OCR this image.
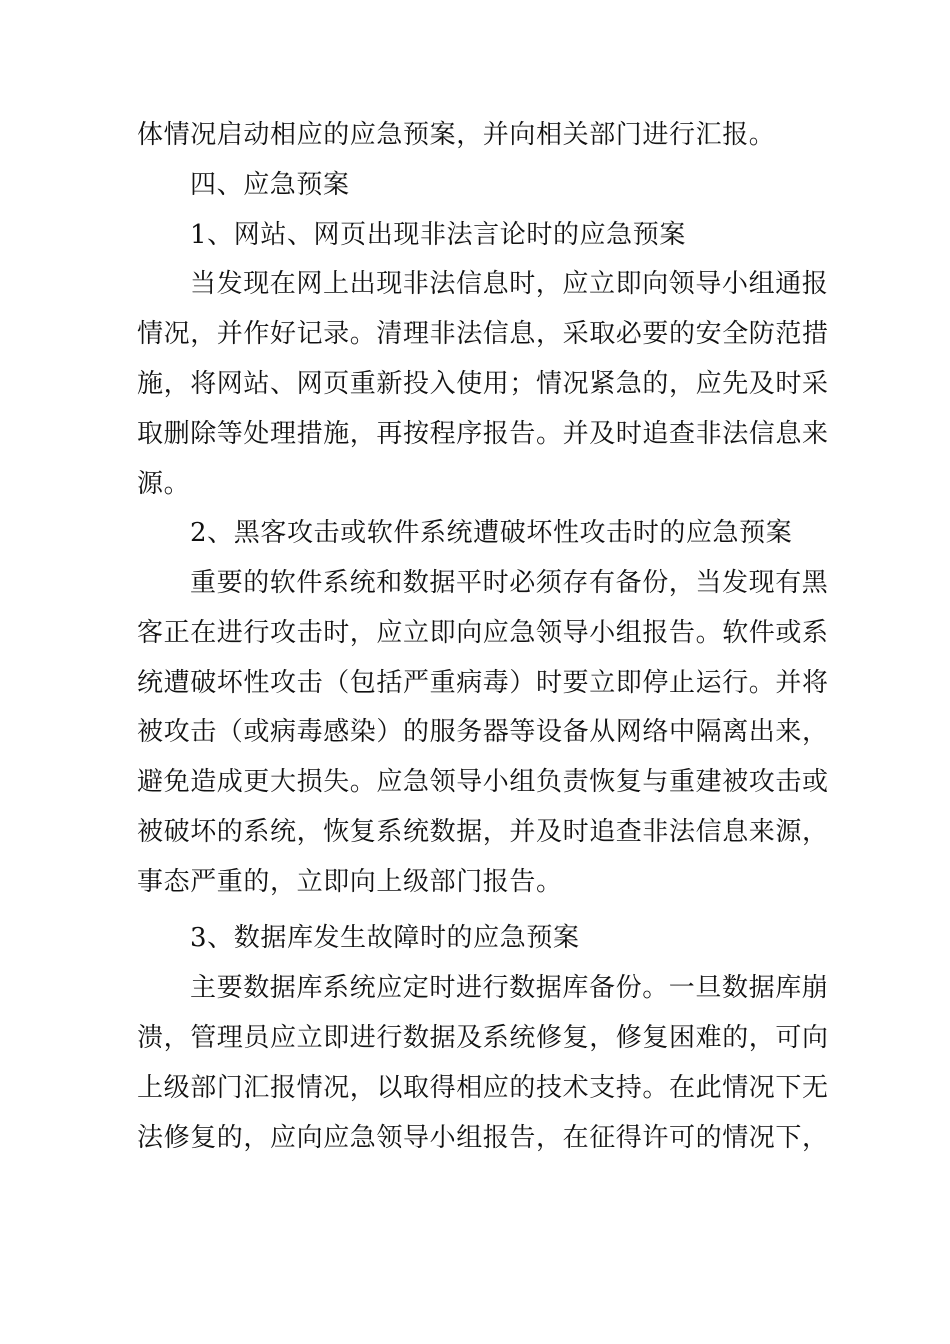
体情况启动相应的应急预案，并向相关部门进行汇报。
四、应急预案
1、网站、网页出现非法言论时的应急预案
当发现在网上出现非法信息时，应立即向领导小组通报
情况，并作好记录。清理非法信息，采取必要的安全防范措
施，将网站、网页重新投入使用；情况紧急的，应先及时采
取删除等处理措施，再按程序报告。并及时追查非法信息来
源。
2、黑客攻击或软件系统遭破坏性攻击时的应急预案
重要的软件系统和数据平时必须存有备份，当发现有黑
客正在进行攻击时，应立即向应急领导小组报告。软件或系
统遭破坏性攻击（包括严重病毒）时要立即停止运行。并将
被攻击（或病毒感染）的服务器等设备从网络中隔离出来，
避免造成更大损失。应急领导小组负责恢复与重建被攻击或
被破坏的系统，恢复系统数据，并及时追查非法信息来源，
事态严重的，立即向上级部门报告。
3、数据库发生故障时的应急预案
主要数据库系统应定时进行数据库备份。一旦数据库崩
溃，管理员应立即进行数据及系统修复，修复困难的，可向
上级部门汇报情况，以取得相应的技术支持。在此情况下无
法修复的，应向应急领导小组报告，在征得许可的情况下，
